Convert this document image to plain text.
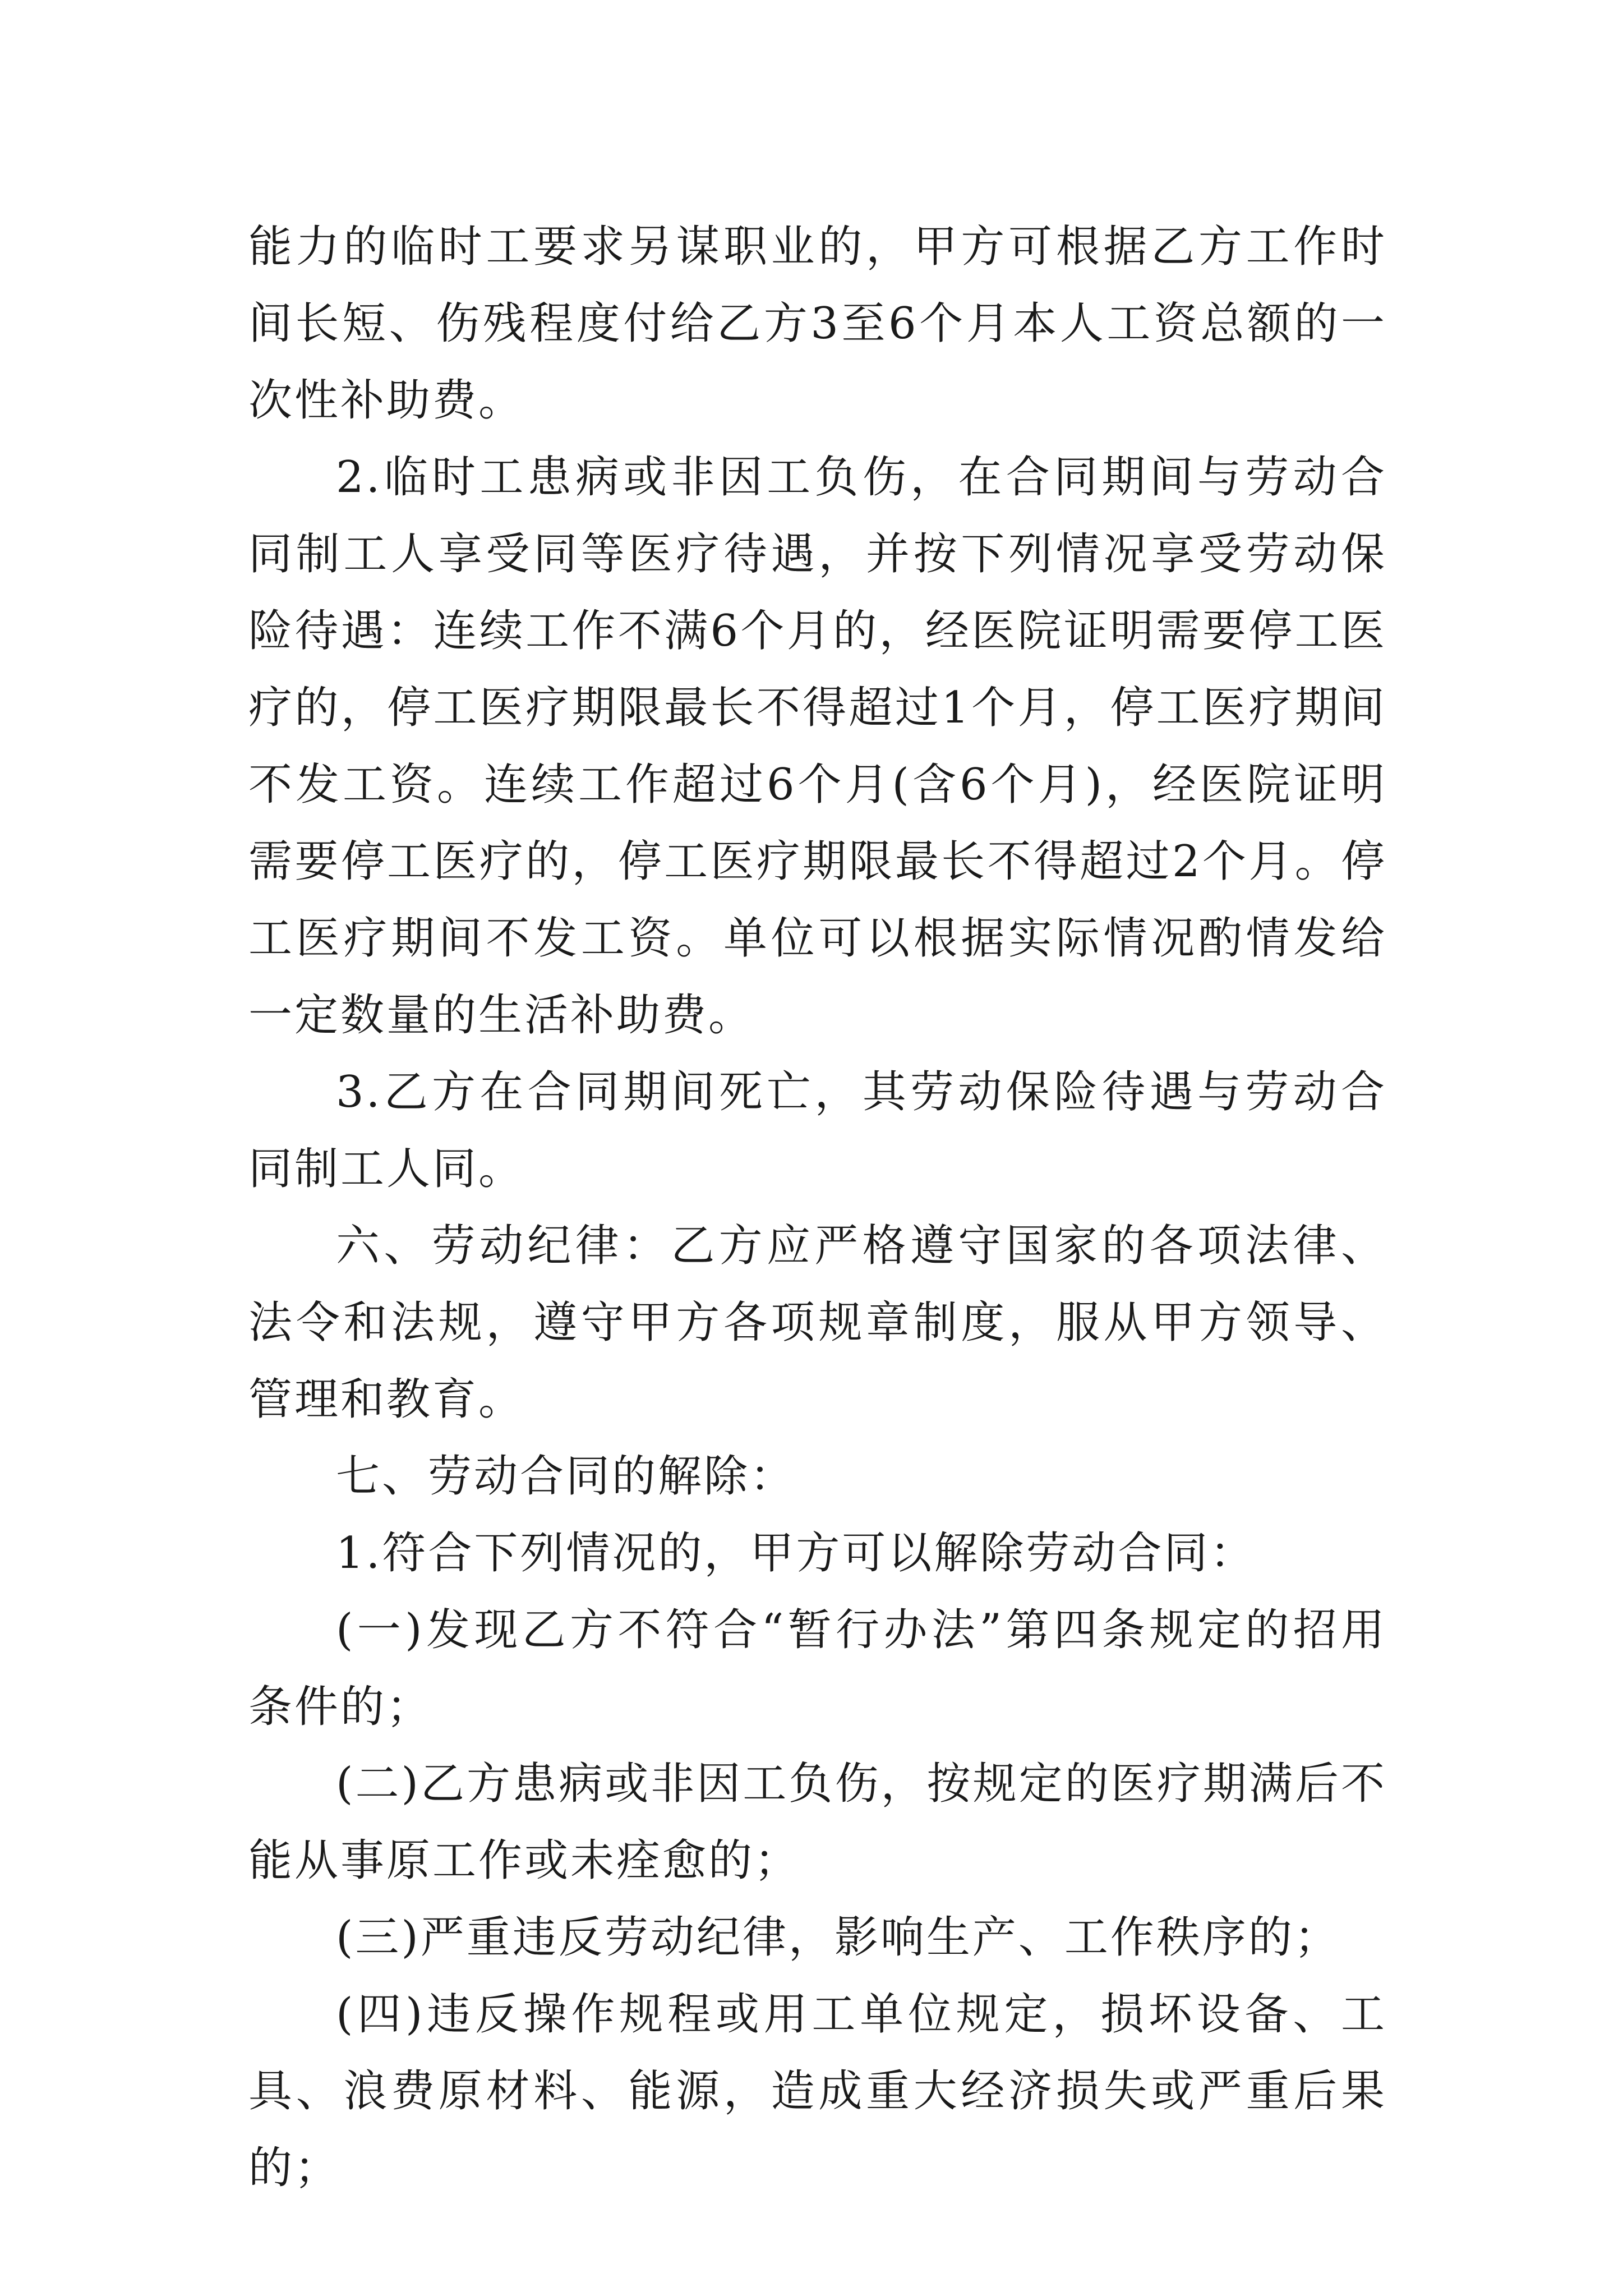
能力的临时工要求另谋职业的，甲方可根据乙方工作时间长短、伤残程度付给乙方3至6个月本人工资总额的一次性补助费。

2.临时工患病或非因工负伤，在合同期间与劳动合同制工人享受同等医疗待遇，并按下列情况享受劳动保险待遇：连续工作不满6个月的，经医院证明需要停工医疗的，停工医疗期限最长不得超过1个月，停工医疗期间不发工资。连续工作超过6个月(含6个月)，经医院证明需要停工医疗的，停工医疗期限最长不得超过2个月。停工医疗期间不发工资。单位可以根据实际情况酌情发给一定数量的生活补助费。

3.乙方在合同期间死亡，其劳动保险待遇与劳动合同制工人同。

六、劳动纪律：乙方应严格遵守国家的各项法律、法令和法规，遵守甲方各项规章制度，服从甲方领导、管理和教育。

七、劳动合同的解除：

1.符合下列情况的，甲方可以解除劳动合同：

(一)发现乙方不符合“暂行办法”第四条规定的招用条件的；

(二)乙方患病或非因工负伤，按规定的医疗期满后不能从事原工作或未痊愈的；

(三)严重违反劳动纪律，影响生产、工作秩序的；

(四)违反操作规程或用工单位规定，损坏设备、工具、浪费原材料、能源，造成重大经济损失或严重后果的；
